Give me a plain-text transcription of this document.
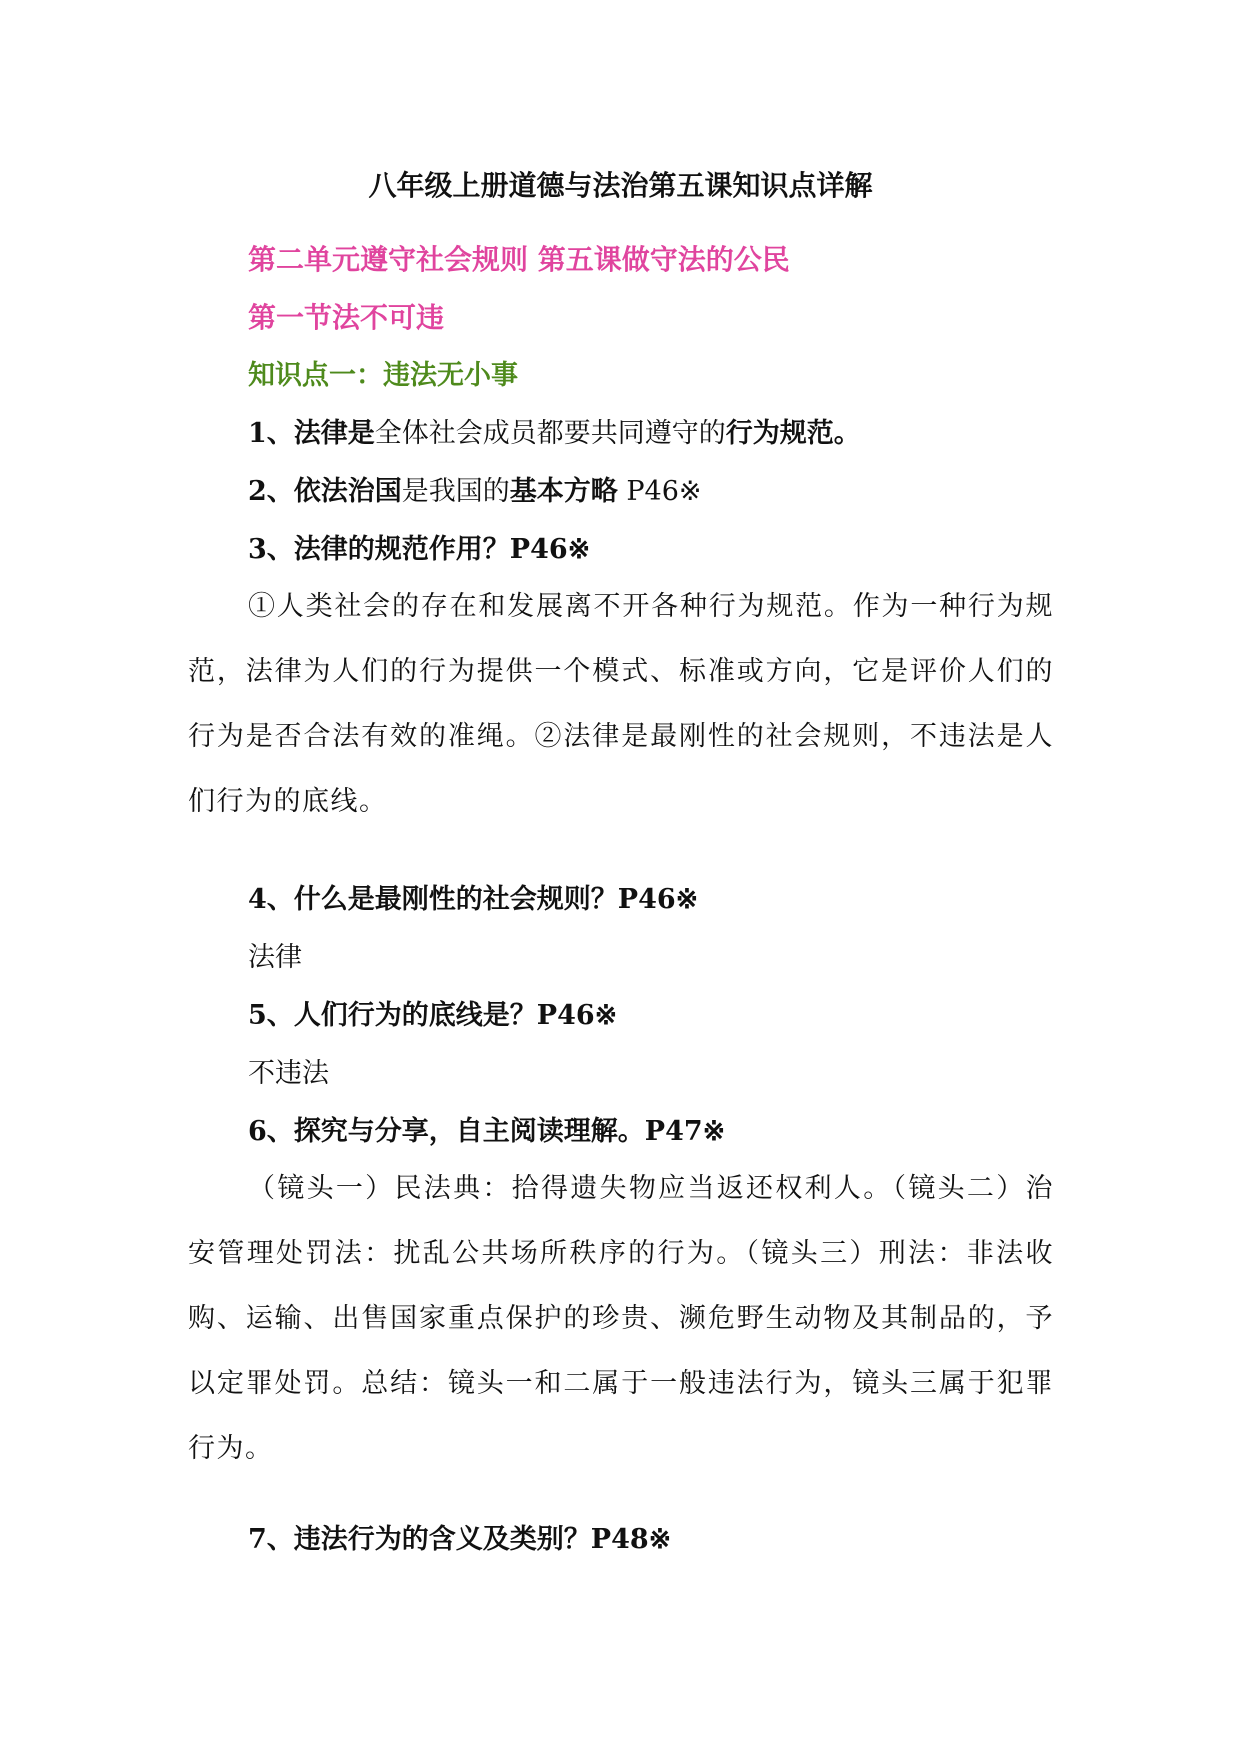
八年级上册道德与法治第五课知识点详解
第二单元遵守社会规则 第五课做守法的公民
第一节法不可违
知识点一：违法无小事
1、法律是全体社会成员都要共同遵守的行为规范。
2、依法治国是我国的基本方略 P46※
3、法律的规范作用？P46※

①人类社会的存在和发展离不开各种行为规范。作为一种行为规范，法律为人们的行为提供一个模式、标准或方向，它是评价人们的行为是否合法有效的准绳。②法律是最刚性的社会规则，不违法是人们行为的底线。

4、什么是最刚性的社会规则？P46※
法律
5、人们行为的底线是？P46※
不违法
6、探究与分享，自主阅读理解。P47※

（镜头一）民法典：拾得遗失物应当返还权利人。（镜头二）治安管理处罚法：扰乱公共场所秩序的行为。（镜头三）刑法：非法收购、运输、出售国家重点保护的珍贵、濒危野生动物及其制品的，予以定罪处罚。总结：镜头一和二属于一般违法行为，镜头三属于犯罪行为。

7、违法行为的含义及类别？P48※
